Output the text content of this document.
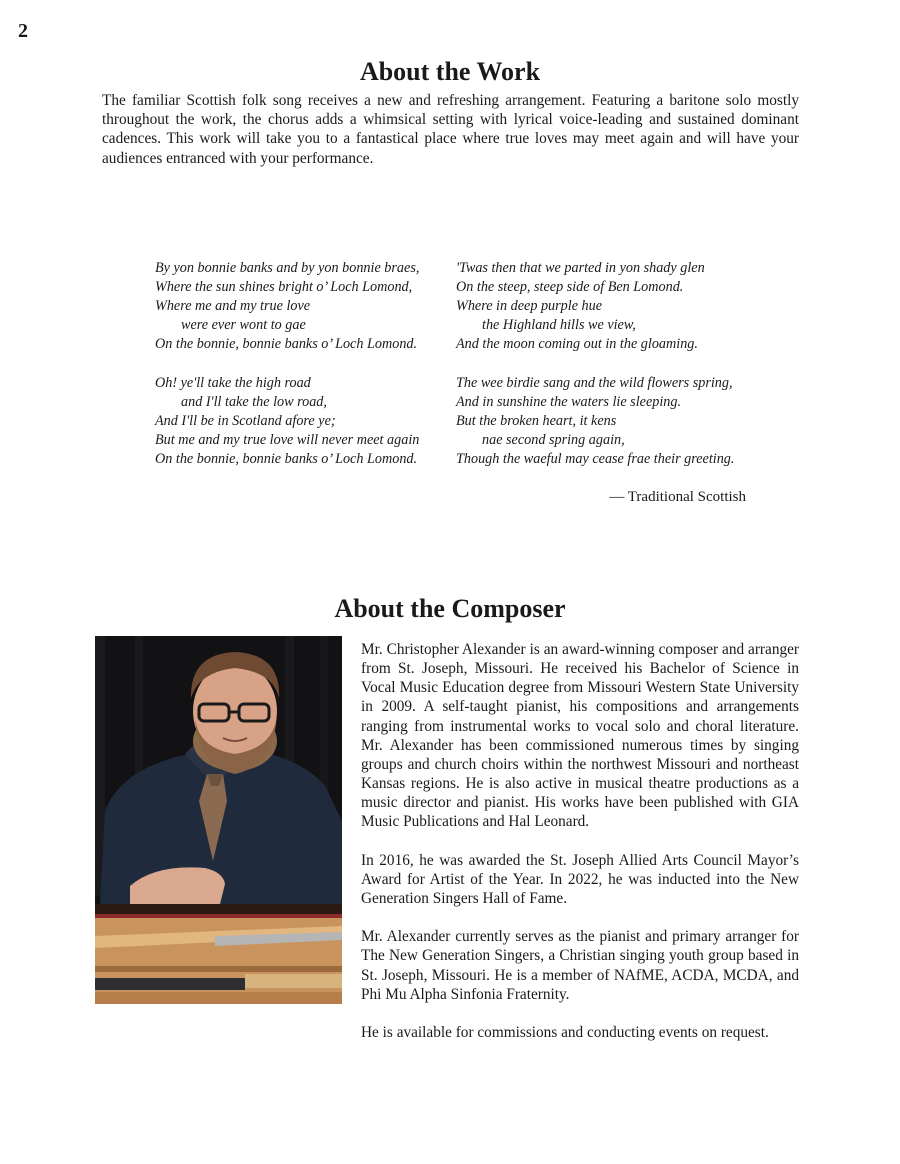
2
About the Work

The familiar Scottish folk song receives a new and refreshing arrangement. Featuring a baritone solo mostly throughout the work, the chorus adds a whimsical setting with lyrical voice-leading and sustained dominant cadences. This work will take you to a fantastical place where true loves may meet again and will have your audiences entranced with your performance.

By yon bonnie banks and by yon bonnie braes,
Where the sun shines bright o’ Loch Lomond,
Where me and my true love
were ever wont to gae
On the bonnie, bonnie banks o’ Loch Lomond.
Oh! ye'll take the high road
and I'll take the low road,
And I'll be in Scotland afore ye;
But me and my true love will never meet again
On the bonnie, bonnie banks o’ Loch Lomond.
'Twas then that we parted in yon shady glen
On the steep, steep side of Ben Lomond.
Where in deep purple hue
the Highland hills we view,
And the moon coming out in the gloaming.
The wee birdie sang and the wild flowers spring,
And in sunshine the waters lie sleeping.
But the broken heart, it kens
nae second spring again,
Though the waeful may cease frae their greeting.
— Traditional Scottish
About the Composer

Mr. Christopher Alexander is an award-winning composer and arranger from St. Joseph, Missouri. He received his Bachelor of Science in Vocal Music Education degree from Missouri Western State University in 2009. A self-taught pianist, his compositions and arrangements ranging from instrumental works to vocal solo and choral literature. Mr. Alexander has been commissioned numerous times by singing groups and church choirs within the northwest Missouri and northeast Kansas regions. He is also active in musical theatre productions as a music director and pianist. His works have been published with GIA Music Publications and Hal Leonard.

In 2016, he was awarded the St. Joseph Allied Arts Council Mayor’s Award for Artist of the Year. In 2022, he was inducted into the New Generation Singers Hall of Fame.

Mr. Alexander currently serves as the pianist and primary arranger for The New Generation Singers, a Christian singing youth group based in St. Joseph, Missouri. He is a member of NAfME, ACDA, MCDA, and Phi Mu Alpha Sinfonia Fraternity.

He is available for commissions and conducting events on request.
